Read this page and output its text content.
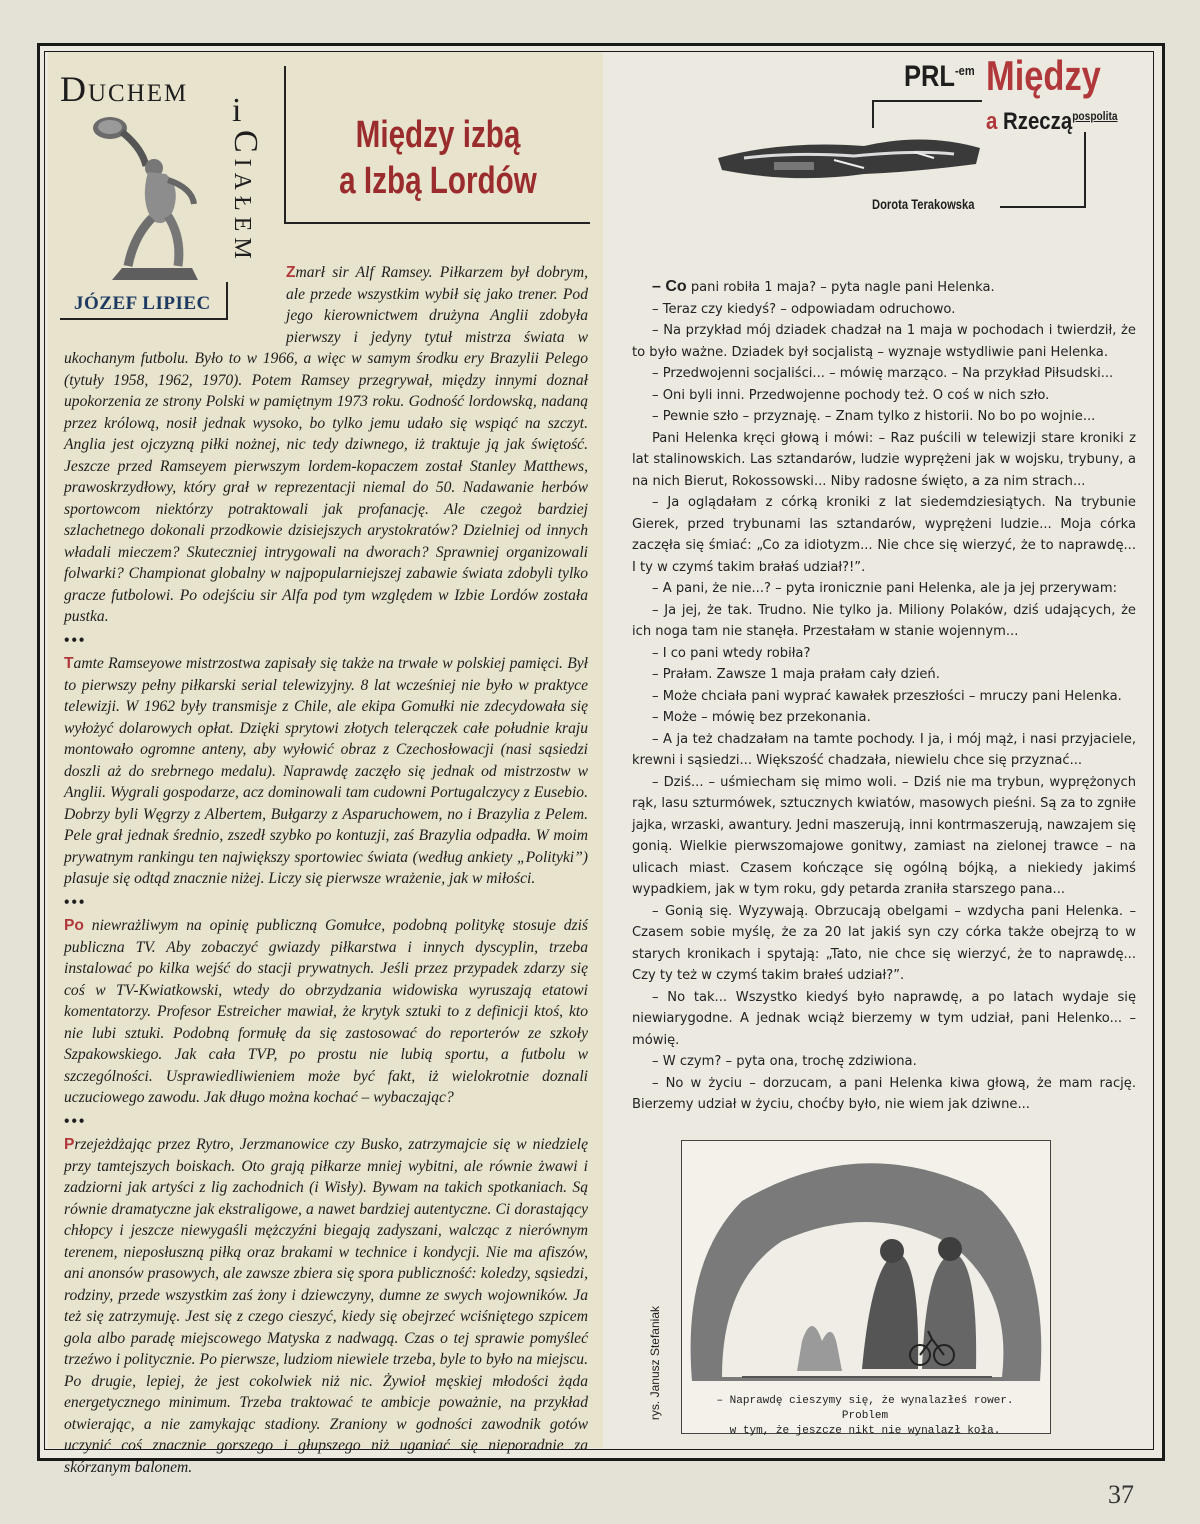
Duchem
i
Ciałem
JÓZEF LIPIEC
Między izbą
a Izbą Lordów

Zmarł sir Alf Ramsey. Piłkarzem był dobrym, ale przede wszystkim wybił się jako trener. Pod jego kierownictwem drużyna Anglii zdobyła pierwszy i jedyny tytuł mistrza świata w ukochanym futbolu. Było to w 1966, a więc w samym środku ery Brazylii Pelego (tytuły 1958, 1962, 1970). Potem Ramsey przegrywał, między innymi doznał upokorzenia ze strony Polski w pamiętnym 1973 roku. Godność lordowską, nadaną przez królową, nosił jednak wysoko, bo tylko jemu udało się wspiąć na szczyt. Anglia jest ojczyzną piłki nożnej, nic tedy dziwnego, iż traktuje ją jak świętość. Jeszcze przed Ramseyem pierwszym lordem-kopaczem został Stanley Matthews, prawoskrzydłowy, który grał w reprezentacji niemal do 50. Nadawanie herbów sportowcom niektórzy potraktowali jak profanację. Ale czegoż bardziej szlachetnego dokonali przodkowie dzisiejszych arystokratów? Dzielniej od innych władali mieczem? Skuteczniej intrygowali na dworach? Sprawniej organizowali folwarki? Championat globalny w najpopularniejszej zabawie świata zdobyli tylko gracze futbolowi. Po odejściu sir Alfa pod tym względem w Izbie Lordów została pustka.

•••

Tamte Ramseyowe mistrzostwa zapisały się także na trwałe w polskiej pamięci. Był to pierwszy pełny piłkarski serial telewizyjny. 8 lat wcześniej nie było w praktyce telewizji. W 1962 były transmisje z Chile, ale ekipa Gomułki nie zdecydowała się wyłożyć dolarowych opłat. Dzięki sprytowi złotych telerączek całe południe kraju montowało ogromne anteny, aby wyłowić obraz z Czechosłowacji (nasi sąsiedzi doszli aż do srebrnego medalu). Naprawdę zaczęło się jednak od mistrzostw w Anglii. Wygrali gospodarze, acz dominowali tam cudowni Portugalczycy z Eusebio. Dobrzy byli Węgrzy z Albertem, Bułgarzy z Asparuchowem, no i Brazylia z Pelem. Pele grał jednak średnio, zszedł szybko po kontuzji, zaś Brazylia odpadła. W moim prywatnym rankingu ten największy sportowiec świata (według ankiety „Polityki”) plasuje się odtąd znacznie niżej. Liczy się pierwsze wrażenie, jak w miłości.

•••

Po niewrażliwym na opinię publiczną Gomułce, podobną politykę stosuje dziś publiczna TV. Aby zobaczyć gwiazdy piłkarstwa i innych dyscyplin, trzeba instalować po kilka wejść do stacji prywatnych. Jeśli przez przypadek zdarzy się coś w TV-Kwiatkowski, wtedy do obrzydzania widowiska wyruszają etatowi komentatorzy. Profesor Estreicher mawiał, że krytyk sztuki to z definicji ktoś, kto nie lubi sztuki. Podobną formułę da się zastosować do reporterów ze szkoły Szpakowskiego. Jak cała TVP, po prostu nie lubią sportu, a futbolu w szczególności. Usprawiedliwieniem może być fakt, iż wielokrotnie doznali uczuciowego zawodu. Jak długo można kochać – wybaczając?

•••

Przejeżdżając przez Rytro, Jerzmanowice czy Busko, zatrzymajcie się w niedzielę przy tamtejszych boiskach. Oto grają piłkarze mniej wybitni, ale równie żwawi i zadziorni jak artyści z lig zachodnich (i Wisły). Bywam na takich spotkaniach. Są równie dramatyczne jak ekstraligowe, a nawet bardziej autentyczne. Ci dorastający chłopcy i jeszcze niewygaśli mężczyźni biegają zadyszani, walcząc z nierównym terenem, nieposłuszną piłką oraz brakami w technice i kondycji. Nie ma afiszów, ani anonsów prasowych, ale zawsze zbiera się spora publiczność: koledzy, sąsiedzi, rodziny, przede wszystkim zaś żony i dziewczyny, dumne ze swych wojowników. Ja też się zatrzymuję. Jest się z czego cieszyć, kiedy się obejrzeć wciśniętego szpicem gola albo paradę miejscowego Matyska z nadwagą. Czas o tej sprawie pomyśleć trzeźwo i politycznie. Po pierwsze, ludziom niewiele trzeba, byle to było na miejscu. Po drugie, lepiej, że jest cokolwiek niż nic. Żywioł męskiej młodości żąda energetycznego minimum. Trzeba traktować te ambicje poważnie, na przykład otwierając, a nie zamykając stadiony. Zraniony w godności zawodnik gotów uczynić coś znacznie gorszego i głupszego niż uganiać się nieporadnie za skórzanym balonem.

$PRL^{-em}$ Między
a Rzeczą$^{pospolita}$
Dorota Terakowska

– Co pani robiła 1 maja? – pyta nagle pani Helenka.

– Teraz czy kiedyś? – odpowiadam odruchowo.

– Na przykład mój dziadek chadzał na 1 maja w pochodach i twierdził, że to było ważne. Dziadek był socjalistą – wyznaje wstydliwie pani Helenka.

– Przedwojenni socjaliści... – mówię marząco. – Na przykład Piłsudski...

– Oni byli inni. Przedwojenne pochody też. O coś w nich szło.

– Pewnie szło – przyznaję. – Znam tylko z historii. No bo po wojnie...

Pani Helenka kręci głową i mówi: – Raz puścili w telewizji stare kroniki z lat stalinowskich. Las sztandarów, ludzie wyprężeni jak w wojsku, trybuny, a na nich Bierut, Rokossowski... Niby radosne święto, a za nim strach...

– Ja oglądałam z córką kroniki z lat siedemdziesiątych. Na trybunie Gierek, przed trybunami las sztandarów, wyprężeni ludzie... Moja córka zaczęła się śmiać: „Co za idiotyzm... Nie chce się wierzyć, że to naprawdę... I ty w czymś takim brałaś udział?!”.

– A pani, że nie...? – pyta ironicznie pani Helenka, ale ja jej przerywam:

– Ja jej, że tak. Trudno. Nie tylko ja. Miliony Polaków, dziś udających, że ich noga tam nie stanęła. Przestałam w stanie wojennym...

– I co pani wtedy robiła?

– Prałam. Zawsze 1 maja prałam cały dzień.

– Może chciała pani wyprać kawałek przeszłości – mruczy pani Helenka.

– Może – mówię bez przekonania.

– A ja też chadzałam na tamte pochody. I ja, i mój mąż, i nasi przyjaciele, krewni i sąsiedzi... Większość chadzała, niewielu chce się przyznać...

– Dziś... – uśmiecham się mimo woli. – Dziś nie ma trybun, wyprężonych rąk, lasu szturmówek, sztucznych kwiatów, masowych pieśni. Są za to zgniłe jajka, wrzaski, awantury. Jedni maszerują, inni kontrmaszerują, nawzajem się gonią. Wielkie pierwszomajowe gonitwy, zamiast na zielonej trawce – na ulicach miast. Czasem kończące się ogólną bójką, a niekiedy jakimś wypadkiem, jak w tym roku, gdy petarda zraniła starszego pana...

– Gonią się. Wyzywają. Obrzucają obelgami – wzdycha pani Helenka. – Czasem sobie myślę, że za 20 lat jakiś syn czy córka także obejrzą to w starych kronikach i spytają: „Tato, nie chce się wierzyć, że to naprawdę... Czy ty też w czymś takim brałeś udział?”.

– No tak... Wszystko kiedyś było naprawdę, a po latach wydaje się niewiarygodne. A jednak wciąż bierzemy w tym udział, pani Helenko... – mówię.

– W czym? – pyta ona, trochę zdziwiona.

– No w życiu – dorzucam, a pani Helenka kiwa głową, że mam rację. Bierzemy udział w życiu, choćby było, nie wiem jak dziwne...

rys. Janusz Stefaniak	– Naprawdę cieszymy się, że wynalazłeś rower. Problem
w tym, że jeszcze nikt nie wynalazł koła.
37
